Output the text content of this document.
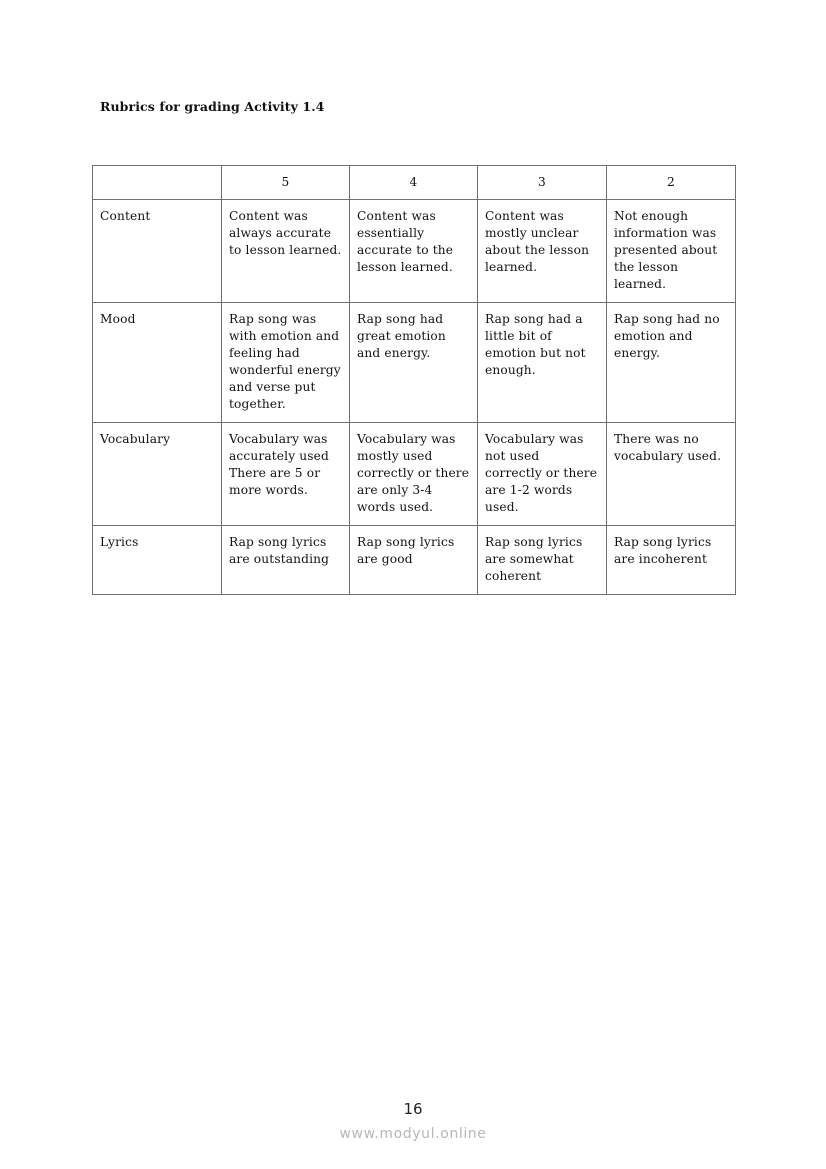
Rubrics for grading Activity 1.4
	5	4	3	2
Content	Content was always accurate to lesson learned.	Content was essentially accurate to the lesson learned.	Content was mostly unclear about the lesson learned.	Not enough information was presented about the lesson learned.
Mood	Rap song was with emotion and feeling had wonderful energy and verse put together.	Rap song had great emotion and energy.	Rap song had a little bit of emotion but not enough.	Rap song had no emotion and energy.
Vocabulary	Vocabulary was accurately used There are 5 or more words.	Vocabulary was mostly used correctly or there are only 3-4 words used.	Vocabulary was not used correctly or there are 1-2 words used.	There was no vocabulary used.
Lyrics	Rap song lyrics are outstanding	Rap song lyrics are good	Rap song lyrics are somewhat coherent	Rap song lyrics are incoherent
16
www.modyul.online
